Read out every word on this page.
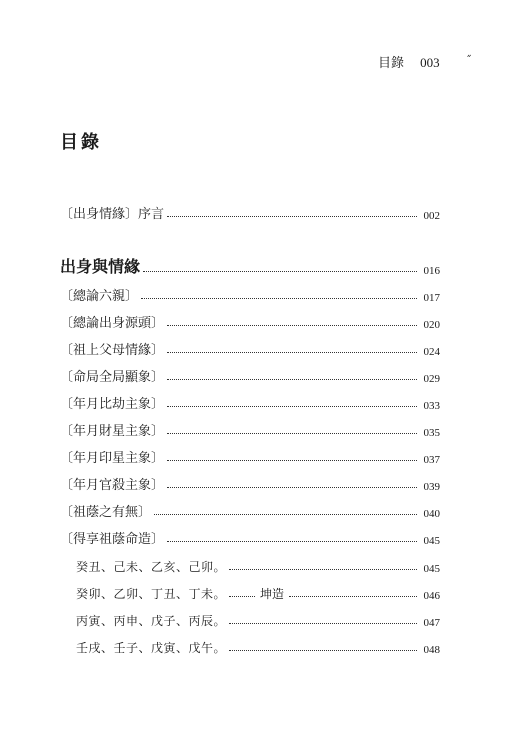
目錄 003 ˝
目錄
〔出身情緣〕序言	002
出身與情緣	016
〔總論六親〕	017
〔總論出身源頭〕	020
〔祖上父母情緣〕	024
〔命局全局顯象〕	029
〔年月比劫主象〕	033
〔年月財星主象〕	035
〔年月印星主象〕	037
〔年月官殺主象〕	039
〔祖蔭之有無〕	040
〔得享祖蔭命造〕	045
癸丑、己未、乙亥、己卯。	045
癸卯、乙卯、丁丑、丁未。	坤造	046
丙寅、丙申、戊子、丙辰。	047
壬戌、壬子、戊寅、戊午。	048
